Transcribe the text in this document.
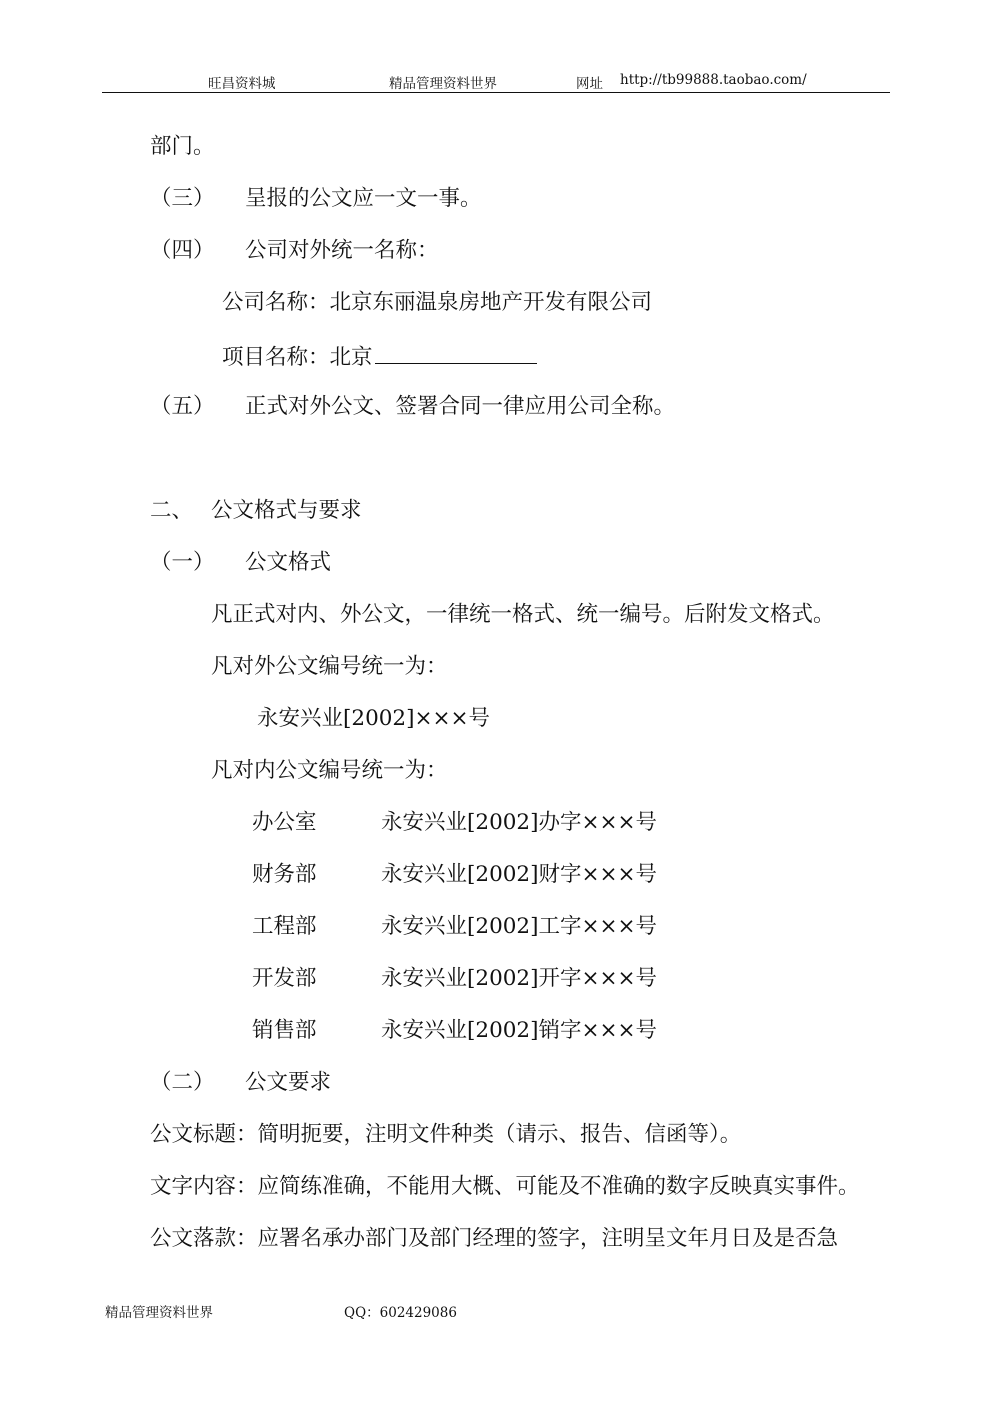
旺昌资料城	精品管理资料世界	网址 http://tb99888.taobao.com/
部门。
（三） 呈报的公文应一文一事。
（四） 公司对外统一名称：
公司名称：北京东丽温泉房地产开发有限公司
项目名称：北京
（五） 正式对外公文、签署合同一律应用公司全称。
二、 公文格式与要求
（一） 公文格式
凡正式对内、外公文，一律统一格式、统一编号。后附发文格式。
凡对外公文编号统一为：
永安兴业[2002]×××号
凡对内公文编号统一为：
办公室	永安兴业[2002]办字×××号
财务部	永安兴业[2002]财字×××号
工程部	永安兴业[2002]工字×××号
开发部	永安兴业[2002]开字×××号
销售部	永安兴业[2002]销字×××号
（二） 公文要求
公文标题：简明扼要，注明文件种类（请示、报告、信函等）。
文字内容：应简练准确，不能用大概、可能及不准确的数字反映真实事件。
公文落款：应署名承办部门及部门经理的签字，注明呈文年月日及是否急
精品管理资料世界	QQ：602429086
